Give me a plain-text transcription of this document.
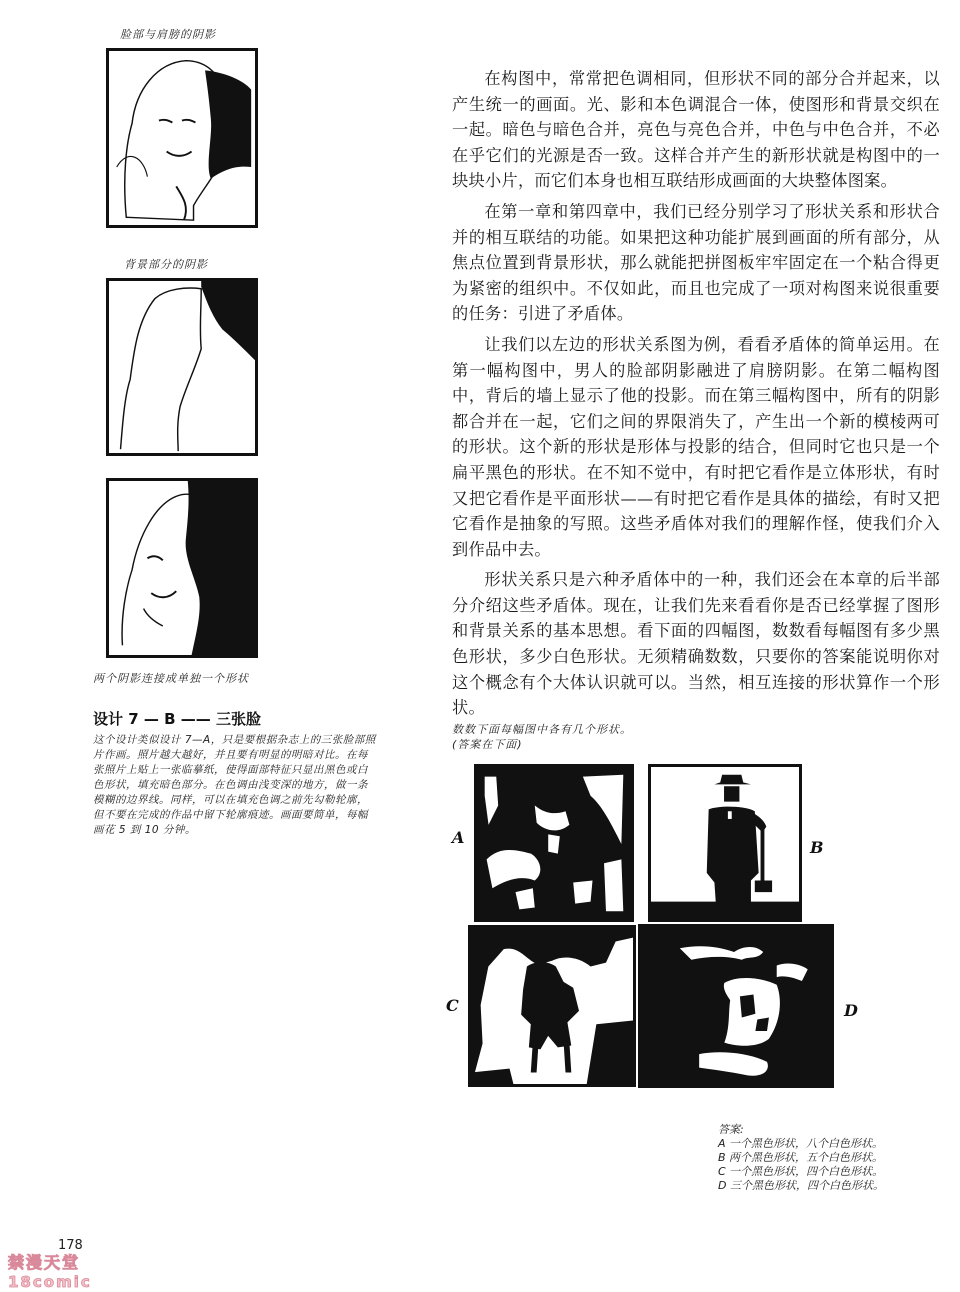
脸部与肩膀的阴影
背景部分的阴影
两个阴影连接成单独一个形状
设计 7 — B —— 三张脸
这个设计类似设计 7—A，只是要根据杂志上的三张脸部照片作画。照片越大越好，并且要有明显的明暗对比。在每张照片上贴上一张临摹纸，使得面部特征只显出黑色或白色形状，填充暗色部分。在色调由浅变深的地方，做一条模糊的边界线。同样，可以在填充色调之前先勾勒轮廓，但不要在完成的作品中留下轮廓痕迹。画面要简单，每幅画花 5 到 10 分钟。

在构图中，常常把色调相同，但形状不同的部分合并起来，以产生统一的画面。光、影和本色调混合一体，使图形和背景交织在一起。暗色与暗色合并，亮色与亮色合并，中色与中色合并，不必在乎它们的光源是否一致。这样合并产生的新形状就是构图中的一块块小片，而它们本身也相互联结形成画面的大块整体图案。

在第一章和第四章中，我们已经分别学习了形状关系和形状合并的相互联结的功能。如果把这种功能扩展到画面的所有部分，从焦点位置到背景形状，那么就能把拼图板牢牢固定在一个粘合得更为紧密的组织中。不仅如此，而且也完成了一项对构图来说很重要的任务：引进了矛盾体。

让我们以左边的形状关系图为例，看看矛盾体的简单运用。在第一幅构图中，男人的脸部阴影融进了肩膀阴影。在第二幅构图中，背后的墙上显示了他的投影。而在第三幅构图中，所有的阴影都合并在一起，它们之间的界限消失了，产生出一个新的模棱两可的形状。这个新的形状是形体与投影的结合，但同时它也只是一个扁平黑色的形状。在不知不觉中，有时把它看作是立体形状，有时又把它看作是平面形状——有时把它看作是具体的描绘，有时又把它看作是抽象的写照。这些矛盾体对我们的理解作怪，使我们介入到作品中去。

形状关系只是六种矛盾体中的一种，我们还会在本章的后半部分介绍这些矛盾体。现在，让我们先来看看你是否已经掌握了图形和背景关系的基本思想。看下面的四幅图，数数看每幅图有多少黑色形状，多少白色形状。无须精确数数，只要你的答案能说明你对这个概念有个大体认识就可以。当然，相互连接的形状算作一个形状。

数数下面每幅图中各有几个形状。
(答案在下面)
A
B
C	D
答案:
A 一个黑色形状，八个白色形状。
B 两个黑色形状，五个白色形状。
C 一个黑色形状，四个白色形状。
D 三个黑色形状，四个白色形状。
178
禁漫天堂
18comic
